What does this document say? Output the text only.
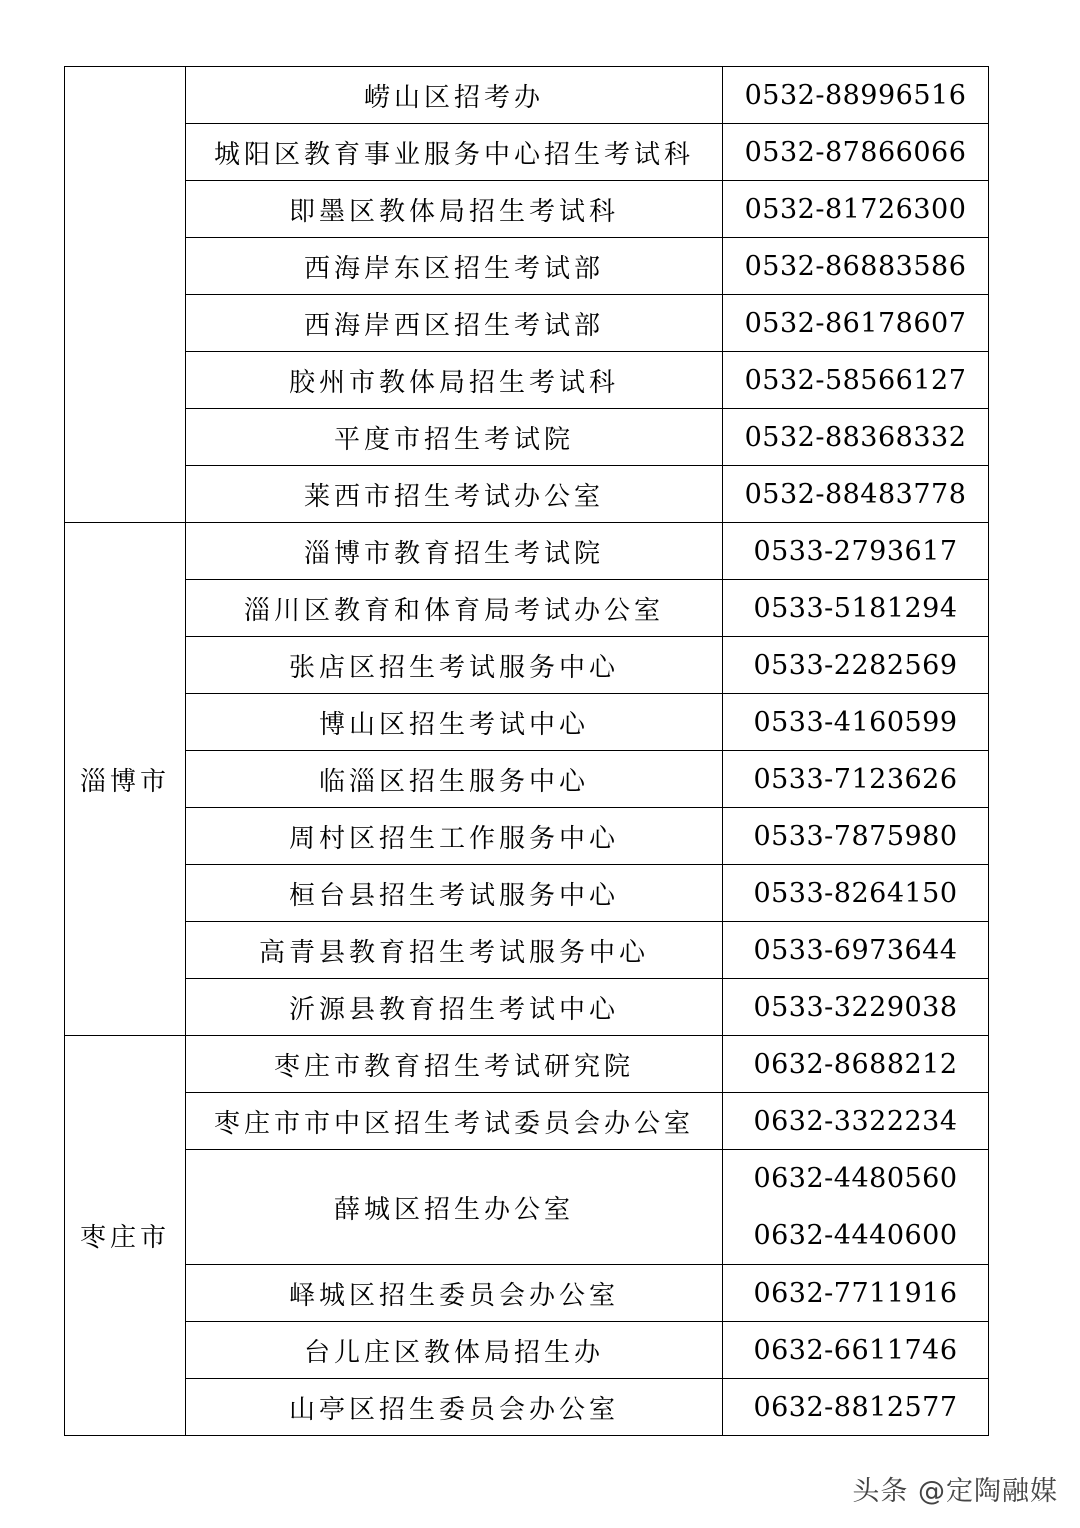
	崂山区招考办	0532-88996516
	城阳区教育事业服务中心招生考试科	0532-87866066
	即墨区教体局招生考试科	0532-81726300
	西海岸东区招生考试部	0532-86883586
	西海岸西区招生考试部	0532-86178607
	胶州市教体局招生考试科	0532-58566127
	平度市招生考试院	0532-88368332
	莱西市招生考试办公室	0532-88483778
淄博市	淄博市教育招生考试院	0533-2793617
	淄川区教育和体育局考试办公室	0533-5181294
	张店区招生考试服务中心	0533-2282569
	博山区招生考试中心	0533-4160599
	临淄区招生服务中心	0533-7123626
	周村区招生工作服务中心	0533-7875980
	桓台县招生考试服务中心	0533-8264150
	高青县教育招生考试服务中心	0533-6973644
	沂源县教育招生考试中心	0533-3229038
枣庄市	枣庄市教育招生考试研究院	0632-8688212
	枣庄市市中区招生考试委员会办公室	0632-3322234
	薛城区招生办公室	0632-4480560
0632-4440600

	峄城区招生委员会办公室	0632-7711916
	台儿庄区教体局招生办	0632-6611746
	山亭区招生委员会办公室	0632-8812577
头条 @定陶融媒
